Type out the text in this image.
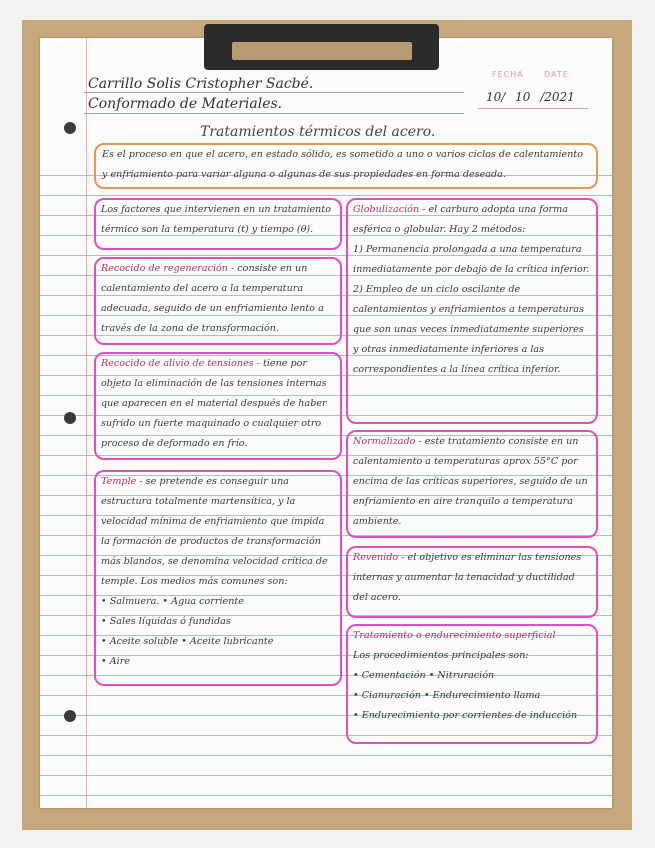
Carrillo Solis Cristopher Sacbé.
Conformado de Materiales.
FECHA	DATE
10/ 10 /2021
Tratamientos térmicos del acero.

Es el proceso en que el acero, en estado sólido, es sometido a uno o varios ciclos de calentamiento y enfriamiento para variar alguna o algunas de sus propiedades en forma deseada.

Los factores que intervienen en un tratamiento térmico son la temperatura (t) y tiempo (θ).

Recocido de regeneración - consiste en un calentamiento del acero a la temperatura adecuada, seguido de un enfriamiento lento a través de la zona de transformación.

Recocido de alivio de tensiones - tiene por objeto la eliminación de las tensiones internas que aparecen en el material después de haber sufrido un fuerte maquinado o cualquier otro proceso de deformado en frío.

Temple - se pretende es conseguir una estructura totalmente martensítica, y la velocidad mínima de enfriamiento que impida la formación de productos de transformación más blandos, se denomina velocidad crítica de temple. Los medios más comunes son:

• Salmuera. • Agua corriente
• Sales líquidas ó fundidas
• Aceite soluble • Aceite lubricante
• Aire

Globulización - el carburo adopta una forma esférica o globular. Hay 2 métodos:

1) Permanencia prolongada a una temperatura inmediatamente por debajo de la crítica inferior.

2) Empleo de un ciclo oscilante de calentamientos y enfriamientos a temperaturas que son unas veces inmediatamente superiores y otras inmediatamente inferiores a las correspondientes a la línea crítica inferior.

Normalizado - este tratamiento consiste en un calentamiento a temperaturas aprox 55°C por encima de las críticas superiores, seguido de un enfriamiento en aire tranquilo a temperatura ambiente.

Revenido - el objetivo es eliminar las tensiones internas y aumentar la tenacidad y ductilidad del acero.

Tratamiento o endurecimiento superficial

Los procedimientos principales son:

• Cementación • Nitruración
• Cianuración • Endurecimiento llama
• Endurecimiento por corrientes de inducción
